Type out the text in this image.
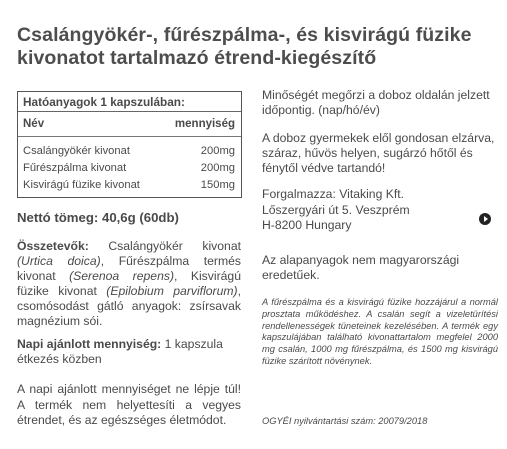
Csalángyökér-, fűrészpálma-, és kisvirágú füzike kivonatot tartalmazó étrend-kiegészítő
Hatóanyagok 1 kapszulában:
Név	mennyiség
Csalángyökér kivonat	200mg
Fűrészpálma kivonat	200mg
Kisvirágú füzike kivonat	150mg
Nettó tömeg: 40,6g (60db)
Összetevők: Csalángyökér kivonat (Urtica doica), Fűrészpálma termés kivonat (Serenoa repens), Kisvirágú füzike kivonat (Epilobium parviflorum), csomósodást gátló anyagok: zsírsavak magnézium sói.
Napi ajánlott mennyiség: 1 kapszula étkezés közben
A napi ajánlott mennyiséget ne lépje túl! A termék nem helyettesíti a vegyes étrendet, és az egészséges életmódot.
Minőségét megőrzi a doboz oldalán jelzett időpontig. (nap/hó/év)
A doboz gyermekek elől gondosan elzárva, száraz, hűvös helyen, sugárzó hőtől és fénytől védve tartandó!
Forgalmazza: Vitaking Kft.
Lőszergyári út 5. Veszprém
H-8200 Hungary
Az alapanyagok nem magyarországi eredetűek.
A fűrészpálma és a kisvirágú füzike hozzájárul a normál prosztata működéshez. A csalán segít a vizeletürítési rendellenességek tüneteinek kezelésében. A termék egy kapszulájában található kivonattartalom megfelel 2000 mg csalán, 1000 mg fűrészpálma, és 1500 mg kisvirágú füzike szárított növénynek.
OGYÉI nyilvántartási szám: 20079/2018
